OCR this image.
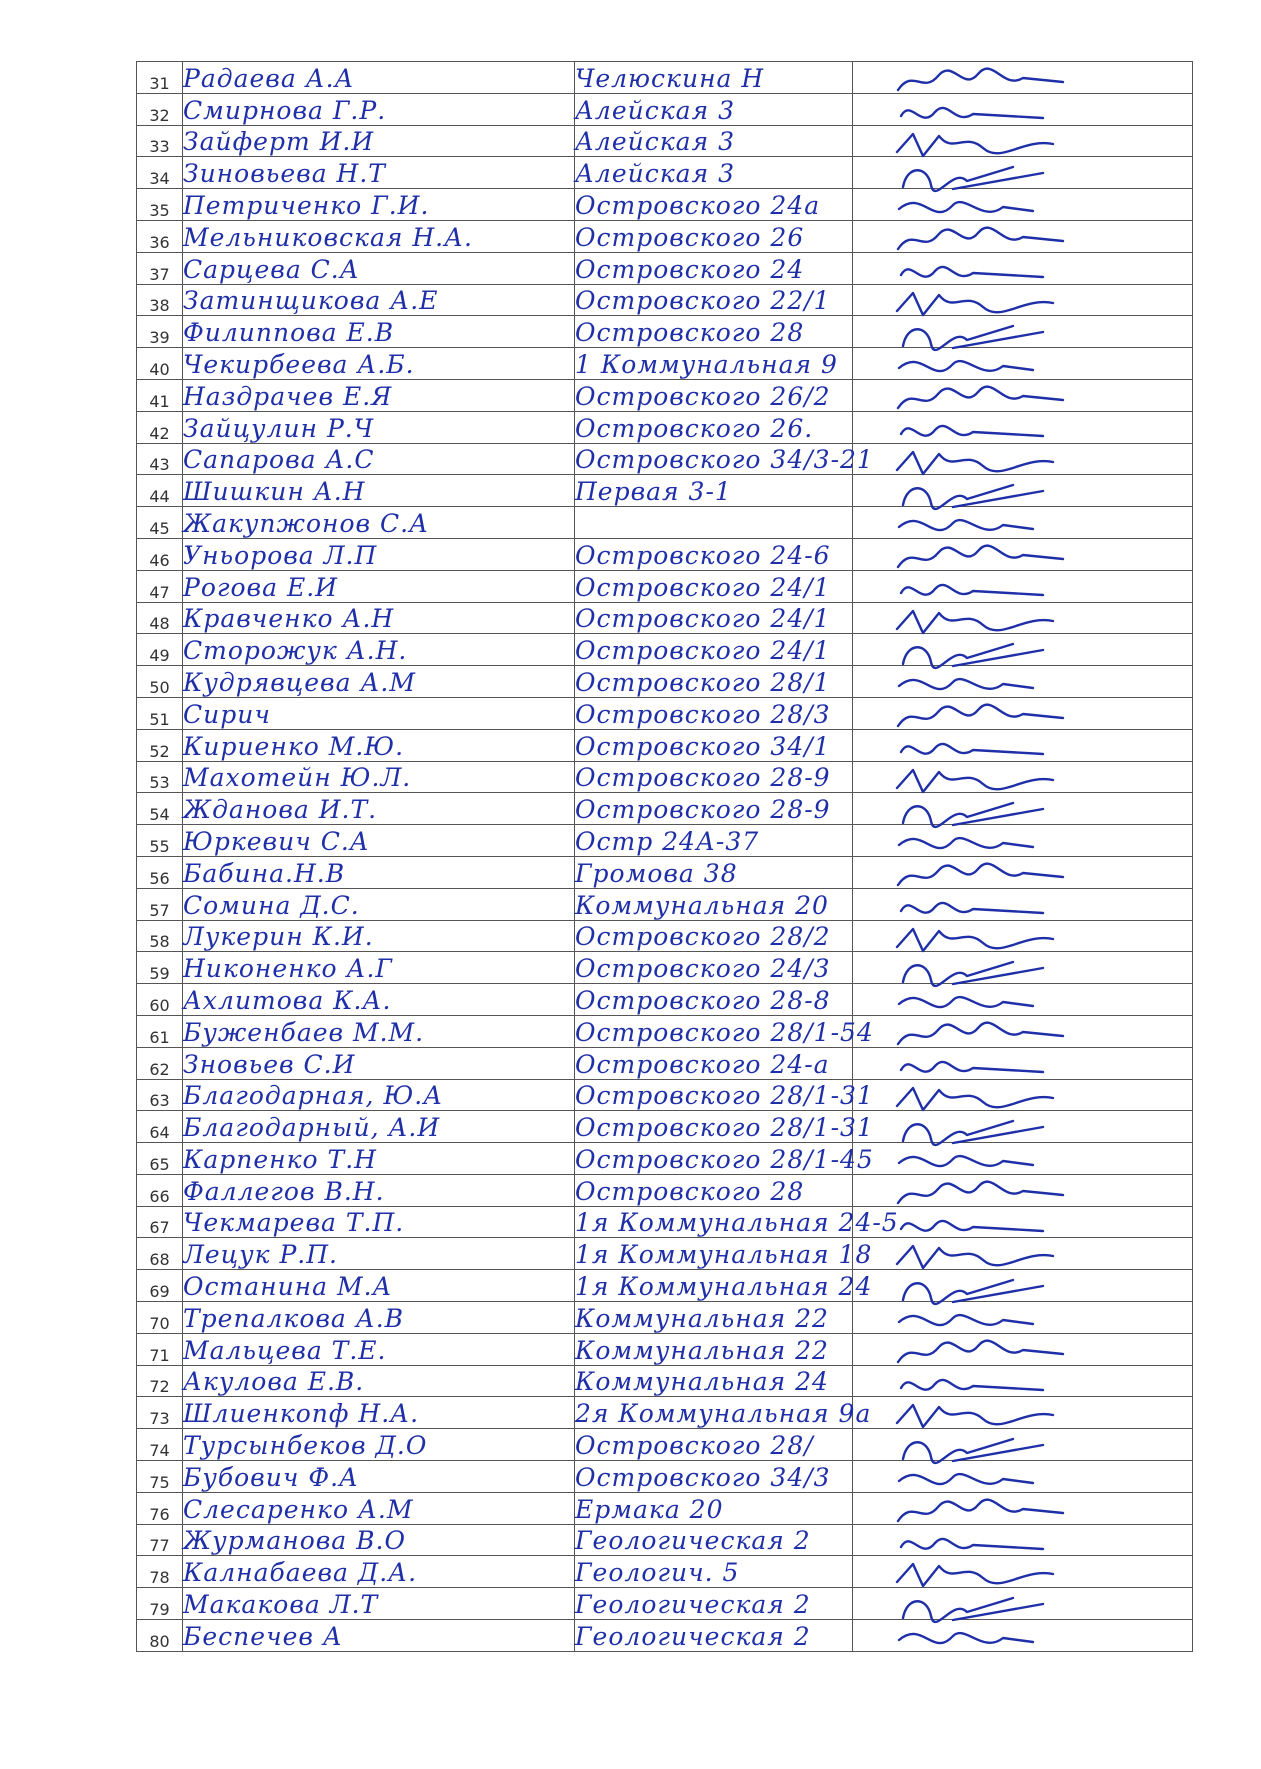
31	Радаева А.А	Челюскина Н	

32	Смирнова Г.Р.	Алейская 3	

33	Зайферт И.И	Алейская 3	

34	Зиновьева Н.Т	Алейская 3	

35	Петриченко Г.И.	Островского 24а	

36	Мельниковская Н.А.	Островского 26	

37	Сарцева С.А	Островского 24	

38	Затинщикова А.Е	Островского 22/1	

39	Филиппова Е.В	Островского 28	

40	Чекирбеева А.Б.	1 Коммунальная 9	

41	Наздрачев Е.Я	Островского 26/2	

42	Зайцулин Р.Ч	Островского 26.	

43	Сапарова А.С	Островского 34/3-21	

44	Шишкин А.Н	Первая 3-1	

45	Жакупжонов С.А		

46	Уньорова Л.П	Островского 24-6	

47	Рогова Е.И	Островского 24/1	

48	Кравченко А.Н	Островского 24/1	

49	Сторожук А.Н.	Островского 24/1	

50	Кудрявцева А.М	Островского 28/1	

51	Сирич	Островского 28/3	

52	Кириенко М.Ю.	Островского 34/1	

53	Махотейн Ю.Л.	Островского 28-9	

54	Жданова И.Т.	Островского 28-9	

55	Юркевич С.А	Остр 24А-37	

56	Бабина.Н.В	Громова 38	

57	Сомина Д.С.	Коммунальная 20	

58	Лукерин К.И.	Островского 28/2	

59	Никоненко А.Г	Островского 24/3	

60	Ахлитова К.А.	Островского 28-8	

61	Буженбаев М.М.	Островского 28/1-54	

62	Зновьев С.И	Островского 24-а	

63	Благодарная, Ю.А	Островского 28/1-31	

64	Благодарный, А.И	Островского 28/1-31	

65	Карпенко Т.Н	Островского 28/1-45	

66	Фаллегов В.Н.	Островского 28	

67	Чекмарева Т.П.	1я Коммунальная 24-5	

68	Лецук Р.П.	1я Коммунальная 18	

69	Останина М.А	1я Коммунальная 24	

70	Трепалкова А.В	Коммунальная 22	

71	Мальцева Т.Е.	Коммунальная 22	

72	Акулова Е.В.	Коммунальная 24	

73	Шлиенкопф Н.А.	2я Коммунальная 9а	

74	Турсынбеков Д.О	Островского 28/	

75	Бубович Ф.А	Островского 34/3	

76	Слесаренко А.М	Ермака 20	

77	Журманова В.О	Геологическая 2	

78	Калнабаева Д.А.	Геологич. 5	

79	Макакова Л.Т	Геологическая 2	

80	Беспечев А	Геологическая 2	
